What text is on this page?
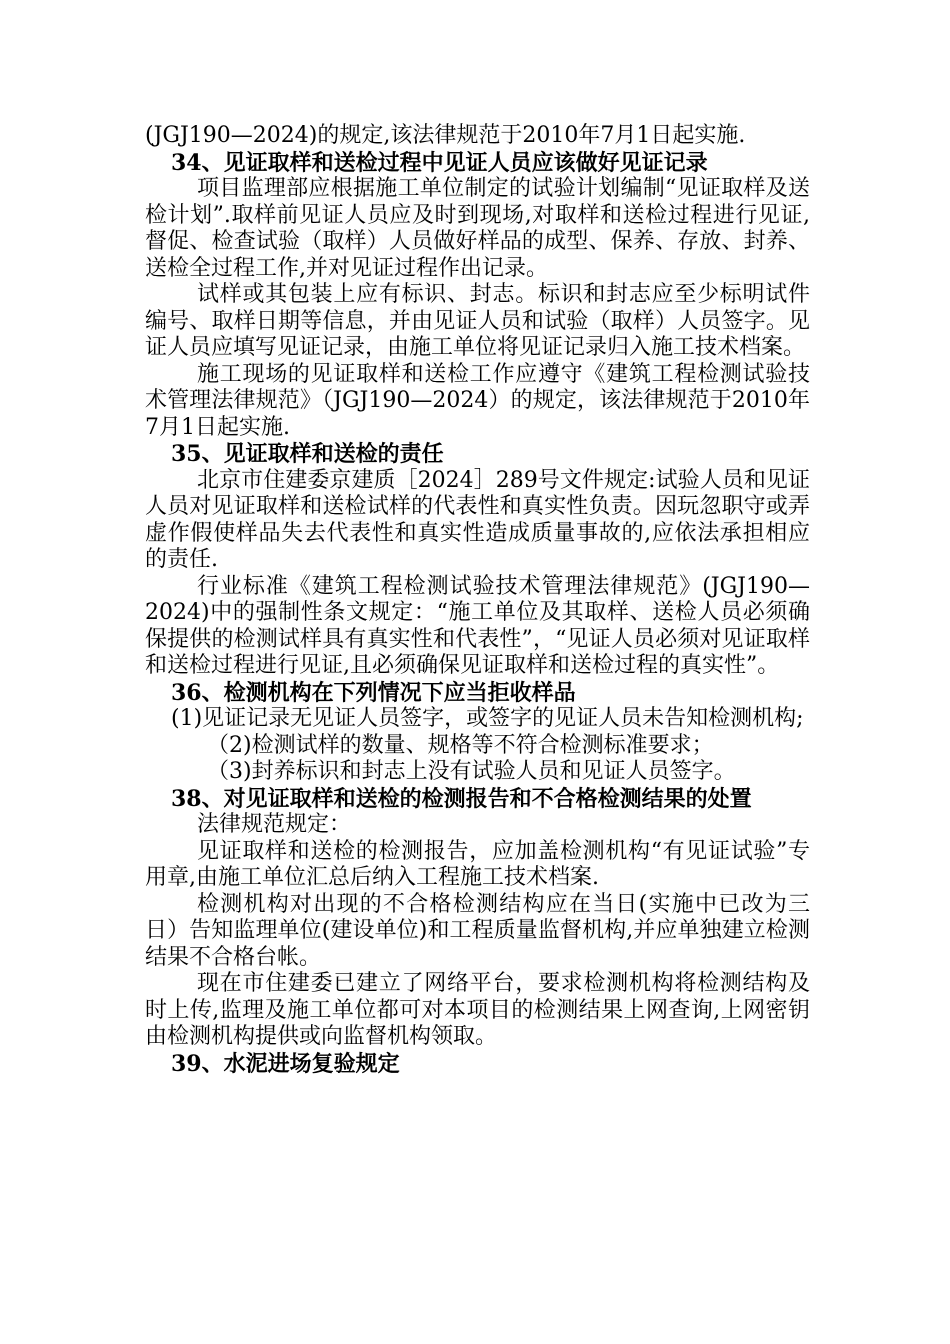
(JGJ190—2024)的规定,该法律规范于2010年7月1日起实施.

34、见证取样和送检过程中见证人员应该做好见证记录

项目监理部应根据施工单位制定的试验计划编制“见证取样及送检计划”.取样前见证人员应及时到现场,对取样和送检过程进行见证,督促、检查试验（取样）人员做好样品的成型、保养、存放、封养、送检全过程工作,并对见证过程作出记录。

试样或其包装上应有标识、封志。标识和封志应至少标明试件编号、取样日期等信息，并由见证人员和试验（取样）人员签字。见证人员应填写见证记录，由施工单位将见证记录归入施工技术档案。

施工现场的见证取样和送检工作应遵守《建筑工程检测试验技术管理法律规范》（JGJ190—2024）的规定，该法律规范于2010年7月1日起实施.

35、见证取样和送检的责任

北京市住建委京建质［2024］289号文件规定:试验人员和见证人员对见证取样和送检试样的代表性和真实性负责。因玩忽职守或弄虚作假使样品失去代表性和真实性造成质量事故的,应依法承担相应的责任.

行业标准《建筑工程检测试验技术管理法律规范》(JGJ190—2024)中的强制性条文规定：“施工单位及其取样、送检人员必须确保提供的检测试样具有真实性和代表性”，“见证人员必须对见证取样和送检过程进行见证,且必须确保见证取样和送检过程的真实性”。

36、检测机构在下列情况下应当拒收样品

(1)见证记录无见证人员签字，或签字的见证人员未告知检测机构;

（2)检测试样的数量、规格等不符合检测标准要求；

（3)封养标识和封志上没有试验人员和见证人员签字。

38、对见证取样和送检的检测报告和不合格检测结果的处置

法律规范规定：

见证取样和送检的检测报告，应加盖检测机构“有见证试验”专用章,由施工单位汇总后纳入工程施工技术档案.

检测机构对出现的不合格检测结构应在当日(实施中已改为三日）告知监理单位(建设单位)和工程质量监督机构,并应单独建立检测结果不合格台帐。

现在市住建委已建立了网络平台，要求检测机构将检测结构及时上传,监理及施工单位都可对本项目的检测结果上网查询,上网密钥由检测机构提供或向监督机构领取。

39、水泥进场复验规定
